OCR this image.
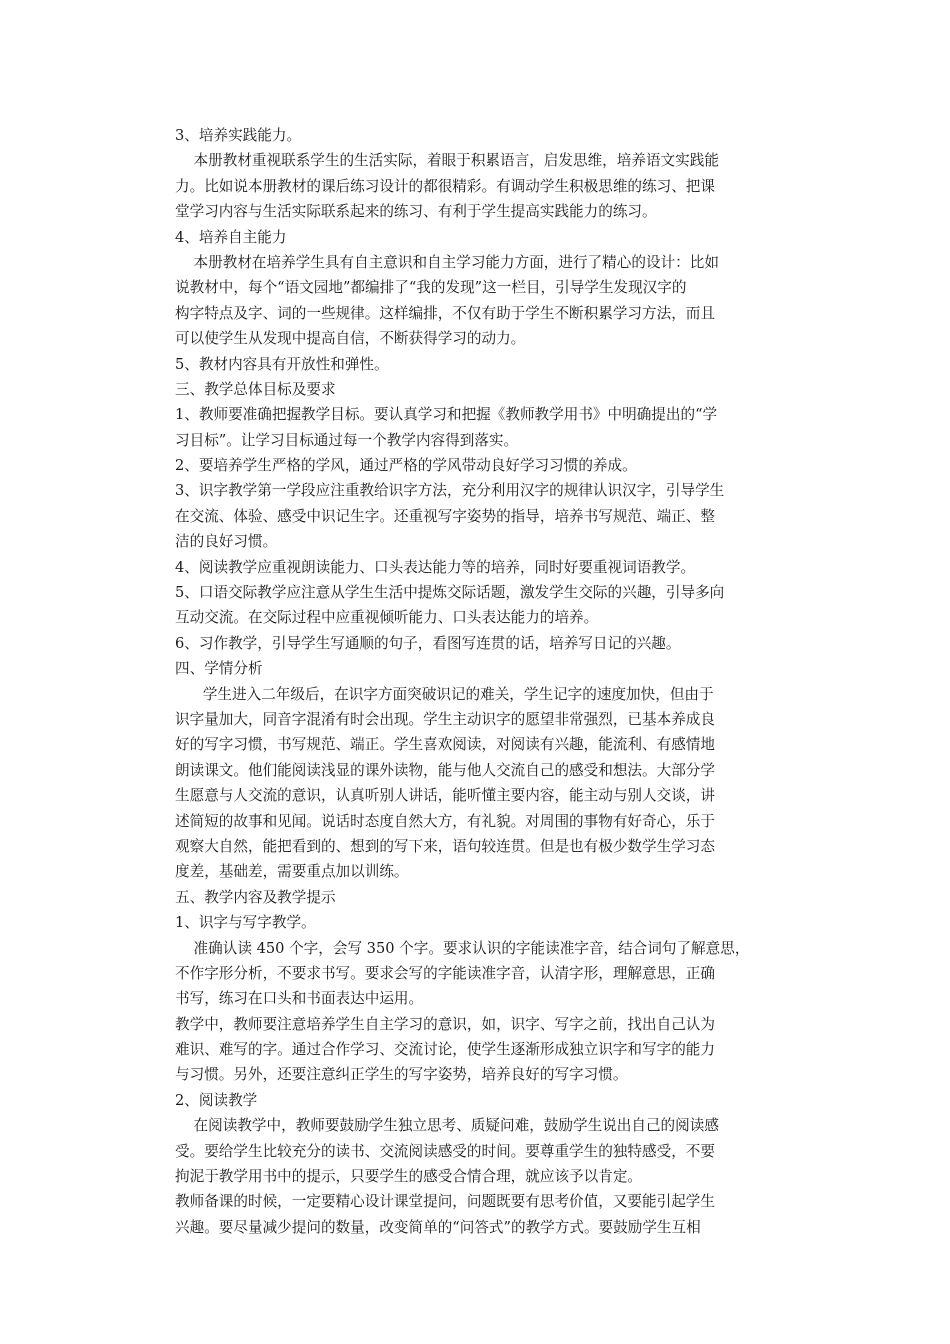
3、培养实践能力。
本册教材重视联系学生的生活实际，着眼于积累语言，启发思维，培养语文实践能
力。比如说本册教材的课后练习设计的都很精彩。有调动学生积极思维的练习、把课
堂学习内容与生活实际联系起来的练习、有利于学生提高实践能力的练习。
4、培养自主能力
本册教材在培养学生具有自主意识和自主学习能力方面，进行了精心的设计：比如
说教材中，每个“语文园地”都编排了“我的发现”这一栏目，引导学生发现汉字的
构字特点及字、词的一些规律。这样编排，不仅有助于学生不断积累学习方法，而且
可以使学生从发现中提高自信，不断获得学习的动力。
5、教材内容具有开放性和弹性。
三、教学总体目标及要求
1、教师要准确把握教学目标。要认真学习和把握《教师教学用书》中明确提出的“学
习目标”。让学习目标通过每一个教学内容得到落实。
2、要培养学生严格的学风，通过严格的学风带动良好学习习惯的养成。
3、识字教学第一学段应注重教给识字方法，充分利用汉字的规律认识汉字，引导学生
在交流、体验、感受中识记生字。还重视写字姿势的指导，培养书写规范、端正、整
洁的良好习惯。
4、阅读教学应重视朗读能力、口头表达能力等的培养，同时好要重视词语教学。
5、口语交际教学应注意从学生生活中提炼交际话题，激发学生交际的兴趣，引导多向
互动交流。在交际过程中应重视倾听能力、口头表达能力的培养。
6、习作教学，引导学生写通顺的句子，看图写连贯的话，培养写日记的兴趣。
四、学情分析
学生进入二年级后，在识字方面突破识记的难关，学生记字的速度加快，但由于
识字量加大，同音字混淆有时会出现。学生主动识字的愿望非常强烈，已基本养成良
好的写字习惯，书写规范、端正。学生喜欢阅读，对阅读有兴趣，能流利、有感情地
朗读课文。他们能阅读浅显的课外读物，能与他人交流自己的感受和想法。大部分学
生愿意与人交流的意识，认真听别人讲话，能听懂主要内容，能主动与别人交谈，讲
述简短的故事和见闻。说话时态度自然大方，有礼貌。对周围的事物有好奇心，乐于
观察大自然，能把看到的、想到的写下来，语句较连贯。但是也有极少数学生学习态
度差，基础差，需要重点加以训练。
五、教学内容及教学提示
1、识字与写字教学。
准确认读 450 个字，会写 350 个字。要求认识的字能读准字音，结合词句了解意思，
不作字形分析，不要求书写。要求会写的字能读准字音，认清字形，理解意思，正确
书写，练习在口头和书面表达中运用。
教学中，教师要注意培养学生自主学习的意识，如，识字、写字之前，找出自己认为
难识、难写的字。通过合作学习、交流讨论，使学生逐渐形成独立识字和写字的能力
与习惯。另外，还要注意纠正学生的写字姿势，培养良好的写字习惯。
2、阅读教学
在阅读教学中，教师要鼓励学生独立思考、质疑问难，鼓励学生说出自己的阅读感
受。要给学生比较充分的读书、交流阅读感受的时间。要尊重学生的独特感受，不要
拘泥于教学用书中的提示，只要学生的感受合情合理，就应该予以肯定。
教师备课的时候，一定要精心设计课堂提问，问题既要有思考价值，又要能引起学生
兴趣。要尽量减少提问的数量，改变简单的“问答式”的教学方式。要鼓励学生互相
